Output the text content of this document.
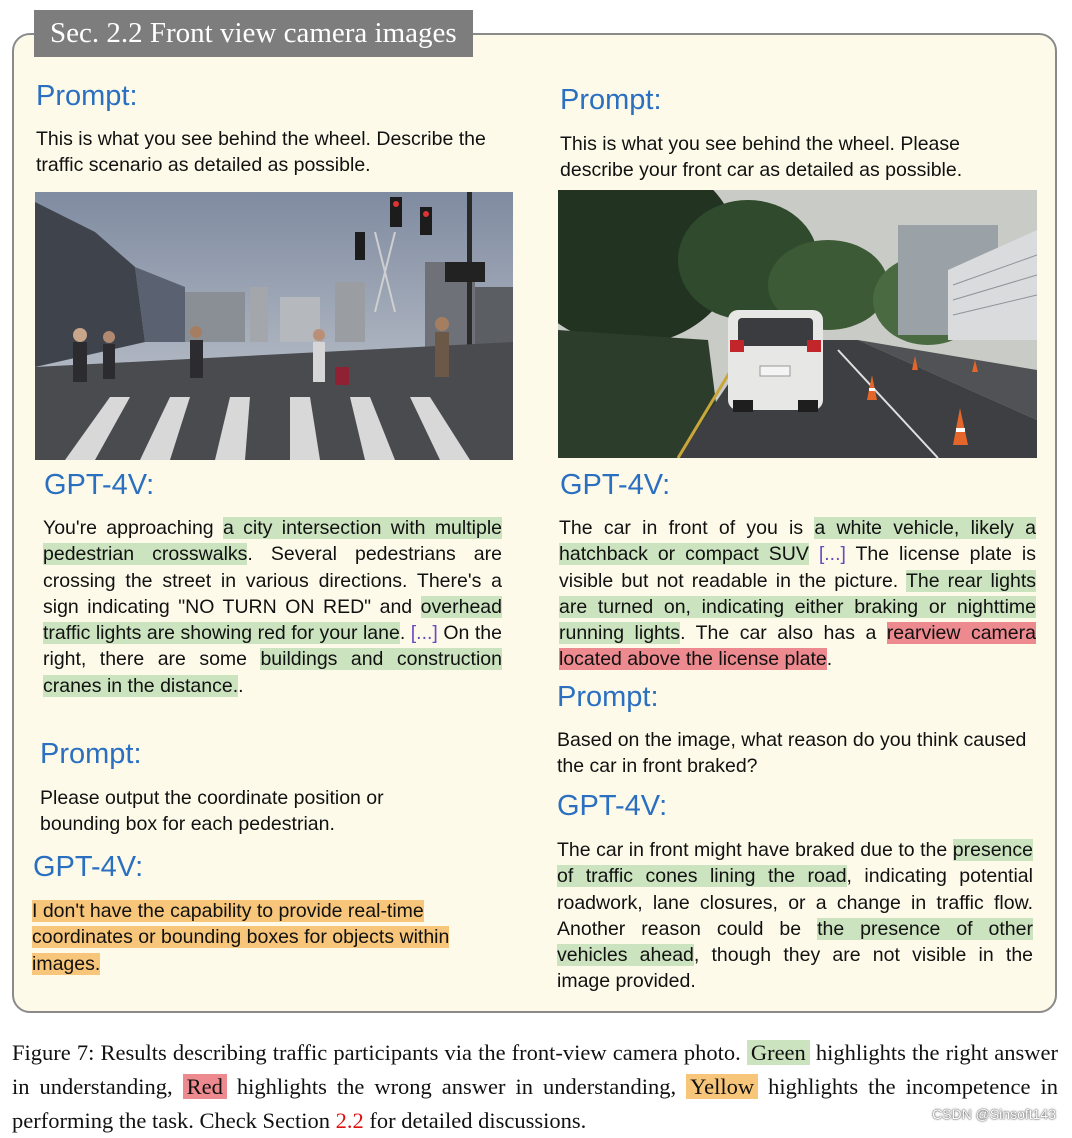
Sec. 2.2 Front view camera images
Prompt:
This is what you see behind the wheel. Describe the traffic scenario as detailed as possible.
GPT-4V:
You're approaching a city intersection with multiple pedestrian crosswalks. Several pedestrians are crossing the street in various directions. There's a sign indicating "NO TURN ON RED" and overhead traffic lights are showing red for your lane. [...] On the right, there are some buildings and construction cranes in the distance..
Prompt:
Please output the coordinate position or bounding box for each pedestrian.
GPT-4V:
I don't have the capability to provide real-time coordinates or bounding boxes for objects within images.
Prompt:
This is what you see behind the wheel. Please describe your front car as detailed as possible.
GPT-4V:
The car in front of you is a white vehicle, likely a hatchback or compact SUV [...] The license plate is visible but not readable in the picture. The rear lights are turned on, indicating either braking or nighttime running lights. The car also has a rearview camera located above the license plate.
Prompt:
Based on the image, what reason do you think caused the car in front braked?
GPT-4V:
The car in front might have braked due to the presence of traffic cones lining the road, indicating potential roadwork, lane closures, or a change in traffic flow. Another reason could be the presence of other vehicles ahead, though they are not visible in the image provided.
Figure 7: Results describing traffic participants via the front-view camera photo. Green highlights the right answer in understanding, Red highlights the wrong answer in understanding, Yellow highlights the incompetence in performing the task. Check Section 2.2 for detailed discussions.	CSDN @Sinsoft143
